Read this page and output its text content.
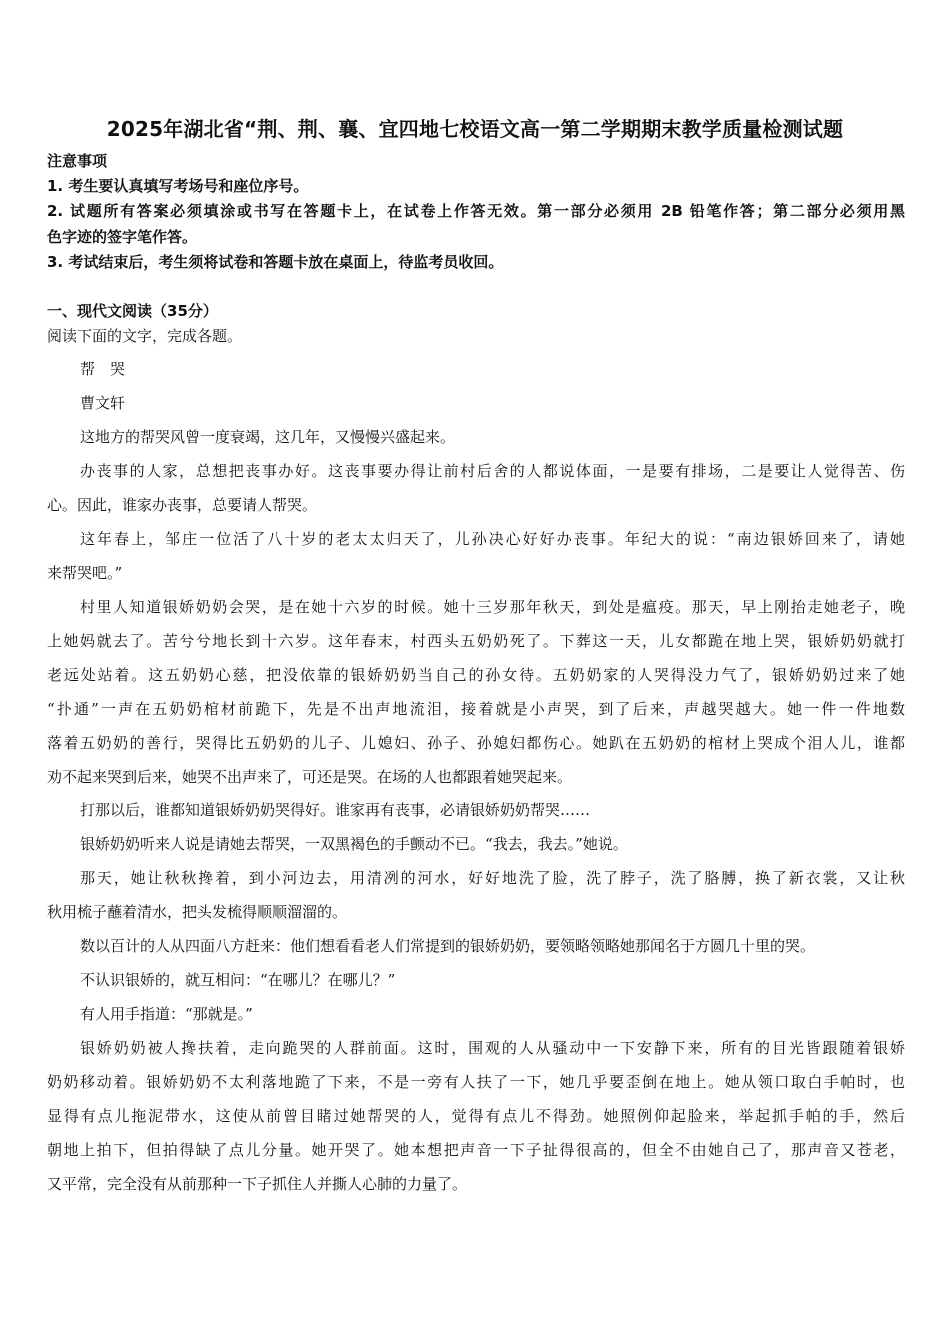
2025年湖北省“荆、荆、襄、宜四地七校语文高一第二学期期末教学质量检测试题
注意事项
1. 考生要认真填写考场号和座位序号。
2. 试题所有答案必须填涂或书写在答题卡上，在试卷上作答无效。第一部分必须用 2B 铅笔作答；第二部分必须用黑
色字迹的签字笔作答。
3. 考试结束后，考生须将试卷和答题卡放在桌面上，待监考员收回。
一、现代文阅读（35分）
阅读下面的文字，完成各题。
帮　哭
曹文轩
这地方的帮哭风曾一度衰竭，这几年，又慢慢兴盛起来。
办丧事的人家，总想把丧事办好。这丧事要办得让前村后舍的人都说体面，一是要有排场，二是要让人觉得苦、伤
心。因此，谁家办丧事，总要请人帮哭。
这年春上，邹庄一位活了八十岁的老太太归天了，儿孙决心好好办丧事。年纪大的说：“南边银娇回来了，请她
来帮哭吧。”
村里人知道银娇奶奶会哭，是在她十六岁的时候。她十三岁那年秋天，到处是瘟疫。那天，早上刚抬走她老子，晚
上她妈就去了。苦兮兮地长到十六岁。这年春末，村西头五奶奶死了。下葬这一天，儿女都跪在地上哭，银娇奶奶就打
老远处站着。这五奶奶心慈，把没依靠的银娇奶奶当自己的孙女待。五奶奶家的人哭得没力气了，银娇奶奶过来了她
“扑通”一声在五奶奶棺材前跪下，先是不出声地流泪，接着就是小声哭，到了后来，声越哭越大。她一件一件地数
落着五奶奶的善行，哭得比五奶奶的儿子、儿媳妇、孙子、孙媳妇都伤心。她趴在五奶奶的棺材上哭成个泪人儿，谁都
劝不起来哭到后来，她哭不出声来了，可还是哭。在场的人也都跟着她哭起来。
打那以后，谁都知道银娇奶奶哭得好。谁家再有丧事，必请银娇奶奶帮哭……
银娇奶奶听来人说是请她去帮哭，一双黑褐色的手颤动不已。“我去，我去。”她说。
那天，她让秋秋搀着，到小河边去，用清冽的河水，好好地洗了脸，洗了脖子，洗了胳膊，换了新衣裳，又让秋
秋用梳子蘸着清水，把头发梳得顺顺溜溜的。
数以百计的人从四面八方赶来：他们想看看老人们常提到的银娇奶奶，要领略领略她那闻名于方圆几十里的哭。
不认识银娇的，就互相问：“在哪儿？在哪儿？”
有人用手指道：“那就是。”
银娇奶奶被人搀扶着，走向跪哭的人群前面。这时，围观的人从骚动中一下安静下来，所有的目光皆跟随着银娇
奶奶移动着。银娇奶奶不太利落地跪了下来，不是一旁有人扶了一下，她几乎要歪倒在地上。她从领口取白手帕时，也
显得有点儿拖泥带水，这使从前曾目睹过她帮哭的人，觉得有点儿不得劲。她照例仰起脸来，举起抓手帕的手，然后
朝地上拍下，但拍得缺了点儿分量。她开哭了。她本想把声音一下子扯得很高的，但全不由她自己了，那声音又苍老，
又平常，完全没有从前那种一下子抓住人并撕人心肺的力量了。
